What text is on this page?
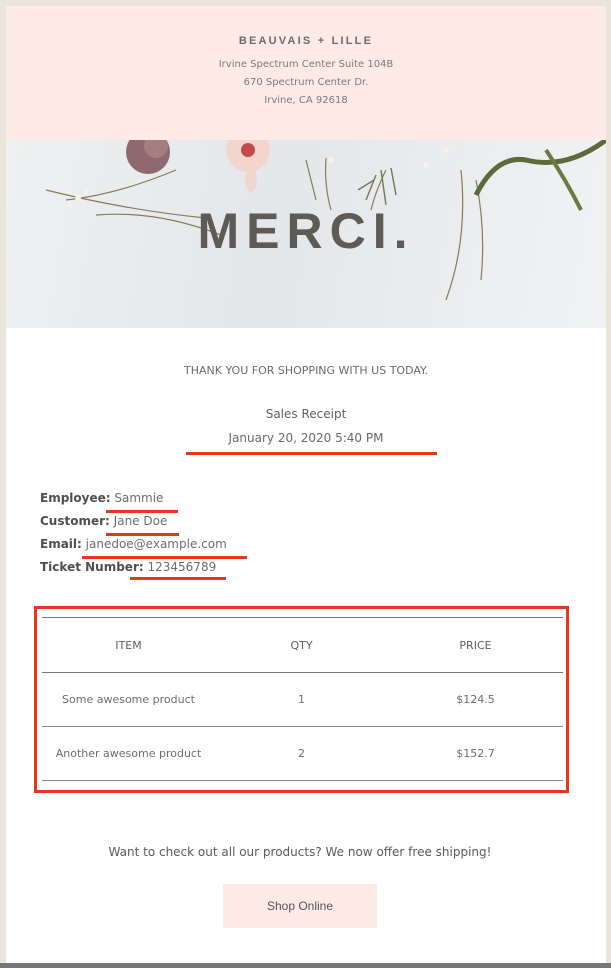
BEAUVAIS + LILLE
Irvine Spectrum Center Suite 104B
670 Spectrum Center Dr.
Irvine, CA 92618
MERCI.
THANK YOU FOR SHOPPING WITH US TODAY.
Sales Receipt
January 20, 2020 5:40 PM
Employee: Sammie
Customer: Jane Doe
Email: janedoe@example.com
Ticket Number: 123456789
ITEM	QTY	PRICE
Some awesome product	1	$124.5
Another awesome product	2	$152.7
Want to check out all our products? We now offer free shipping!
Shop Online
